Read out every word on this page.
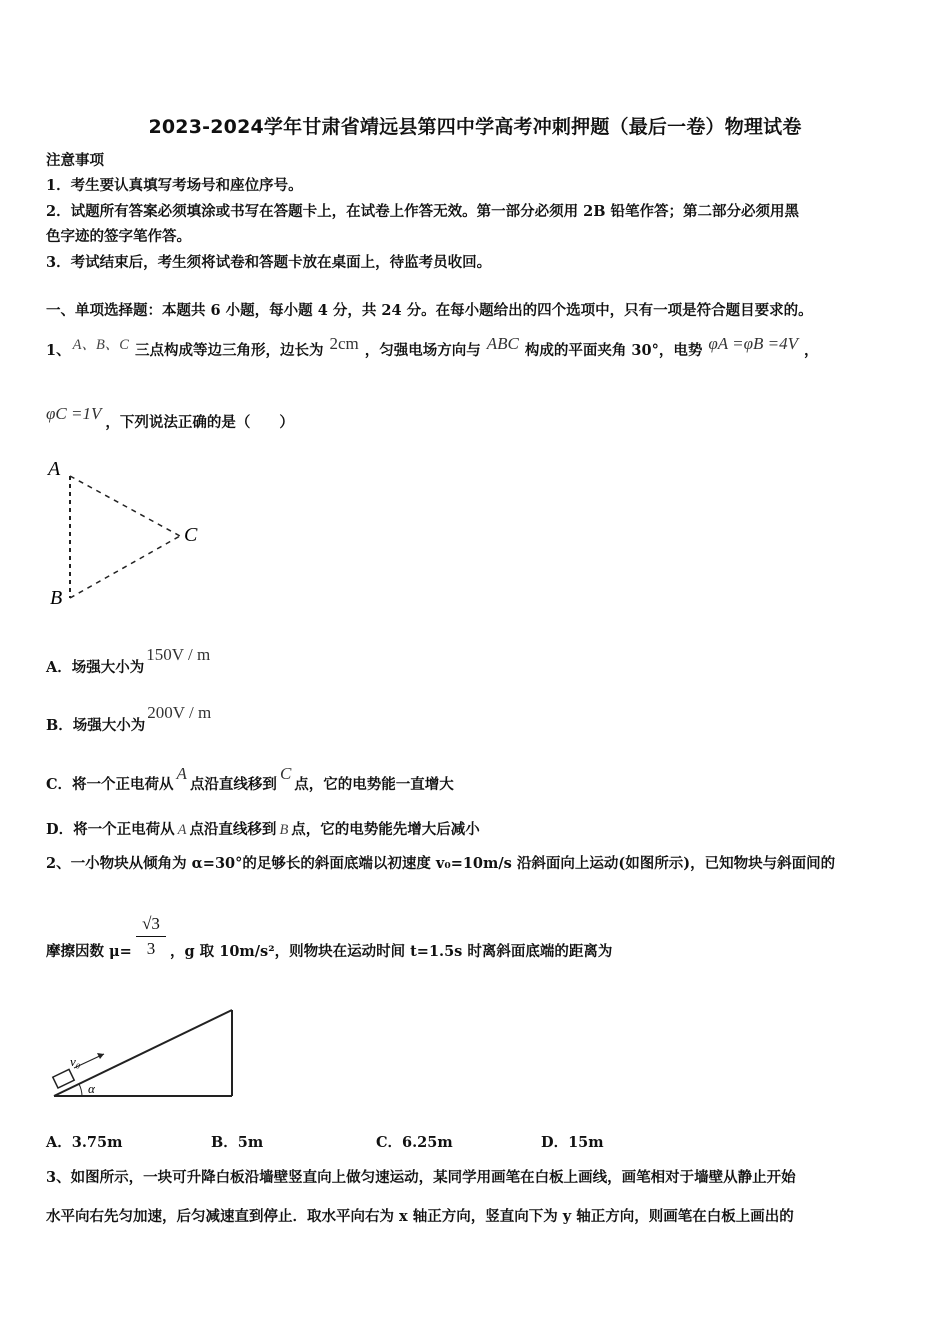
2023-2024学年甘肃省靖远县第四中学高考冲刺押题（最后一卷）物理试卷
注意事项
1．考生要认真填写考场号和座位序号。
2．试题所有答案必须填涂或书写在答题卡上，在试卷上作答无效。第一部分必须用 2B 铅笔作答；第二部分必须用黑
色字迹的签字笔作答。
3．考试结束后，考生须将试卷和答题卡放在桌面上，待监考员收回。
一、单项选择题：本题共 6 小题，每小题 4 分，共 24 分。在每小题给出的四个选项中，只有一项是符合题目要求的。
1、 A、B、C 三点构成等边三角形，边长为 2cm ，匀强电场方向与 ABC 构成的平面夹角 30°，电势 φA =φB =4V ，
φC =1V ，下列说法正确的是（　　）
A
B
C
A．场强大小为150V / m
B．场强大小为200V / m
C．将一个正电荷从A点沿直线移到C点，它的电势能一直增大
D．将一个正电荷从 A 点沿直线移到 B 点，它的电势能先增大后减小
2、一小物块从倾角为 α=30°的足够长的斜面底端以初速度 v₀=10m/s 沿斜面向上运动(如图所示)，已知物块与斜面间的
摩擦因数 $\mu= \frac{√3}{3}$ ，g 取 10m/s²，则物块在运动时间 t=1.5s 时离斜面底端的距离为
v₀
α
A．3.75m	B．5m	C．6.25m	D．15m
3、如图所示，一块可升降白板沿墙壁竖直向上做匀速运动，某同学用画笔在白板上画线，画笔相对于墙壁从静止开始
水平向右先匀加速，后匀减速直到停止．取水平向右为 x 轴正方向，竖直向下为 y 轴正方向，则画笔在白板上画出的
